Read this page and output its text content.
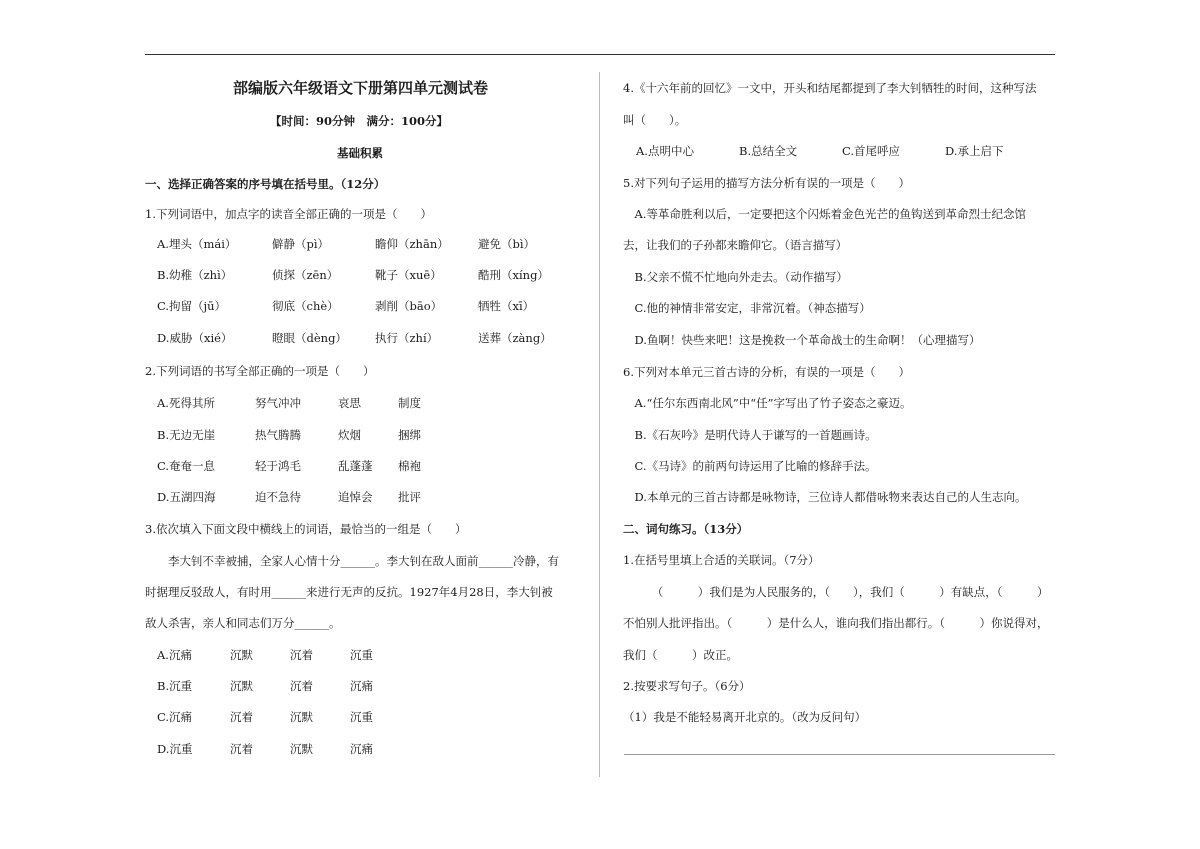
部编版六年级语文下册第四单元测试卷
【时间：90分钟　满分：100分】
基础积累
一、选择正确答案的序号填在括号里。（12分）
1.下列词语中，加点字的读音全部正确的一项是（　　）
A.埋头（mái）	僻静（pì）	瞻仰（zhān）	避免（bì）
B.幼稚（zhì）	侦探（zēn）	靴子（xuē）	酷刑（xíng）
C.拘留（jū）	彻底（chè）	剥削（bāo）	牺牲（xī）
D.威胁（xié）	瞪眼（dèng） 执行（zhí）	送葬（zàng）
2.下列词语的书写全部正确的一项是（　　）
A.死得其所	努气冲冲	哀思	制度
B.无边无崖	热气腾腾	炊烟	捆绑
C.奄奄一息	轻于鸿毛	乱蓬蓬 棉袍
D.五湖四海	迫不急待	追悼会 批评
3.依次填入下面文段中横线上的词语，最恰当的一组是（　　）
　　李大钊不幸被捕，全家人心情十分______。李大钊在敌人面前______冷静，有
时据理反驳敌人，有时用______来进行无声的反抗。1927年4月28日，李大钊被
敌人杀害，亲人和同志们万分______。
A.沉痛	沉默	沉着	沉重
B.沉重	沉默	沉着	沉痛
C.沉痛	沉着	沉默	沉重
D.沉重	沉着	沉默	沉痛
4.《十六年前的回忆》一文中，开头和结尾都提到了李大钊牺牲的时间，这种写法
叫（　　）。
A.点明中心	B.总结全文	C.首尾呼应	D.承上启下
5.对下列句子运用的描写方法分析有误的一项是（　　）
　A.等革命胜利以后，一定要把这个闪烁着金色光芒的鱼钩送到革命烈士纪念馆
去，让我们的子孙都来瞻仰它。（语言描写）
　B.父亲不慌不忙地向外走去。（动作描写）
　C.他的神情非常安定，非常沉着。（神态描写）
　D.鱼啊！快些来吧！这是挽救一个革命战士的生命啊！（心理描写）
6.下列对本单元三首古诗的分析，有误的一项是（　　）
　A.“任尔东西南北风”中“任”字写出了竹子姿态之豪迈。
　B.《石灰吟》是明代诗人于谦写的一首题画诗。
　C.《马诗》的前两句诗运用了比喻的修辞手法。
　D.本单元的三首古诗都是咏物诗，三位诗人都借咏物来表达自己的人生志向。
二、词句练习。（13分）
1.在括号里填上合适的关联词。（7分）
　　　（　　　）我们是为人民服务的，（　　），我们（　　　）有缺点，（　　　）
不怕别人批评指出。（　　　）是什么人，谁向我们指出都行。（　　　）你说得对，
我们（　　　）改正。
2.按要求写句子。（6分）
（1）我是不能轻易离开北京的。（改为反问句）
